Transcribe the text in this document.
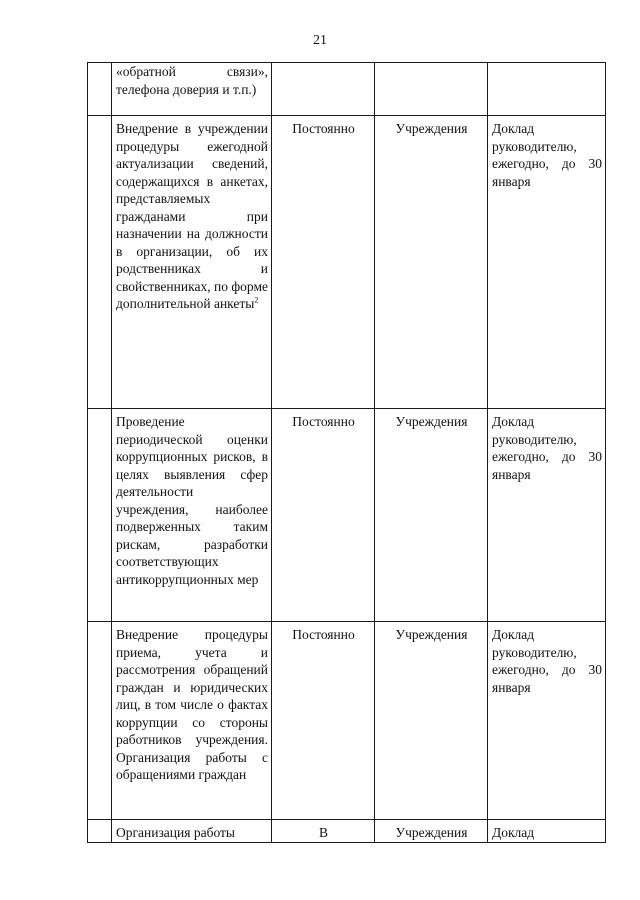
21
	«обратной связи», телефона доверия и т.п.)			
	Внедрение в учреждении процедуры ежегодной актуализации сведений, содержащихся в анкетах, представляемых гражданами при назначении на должности в организации, об их родственниках и свойственниках, по форме дополнительной анкеты$^2$	Постоянно	Учреждения	Доклад руководителю, ежегодно, до 30 января
	Проведение периодической оценки коррупционных рисков, в целях выявления сфер деятельности учреждения, наиболее подверженных таким рискам, разработки соответствующих антикоррупционных мер	Постоянно	Учреждения	Доклад руководителю, ежегодно, до 30 января
	Внедрение процедуры приема, учета и рассмотрения обращений граждан и юридических лиц, в том числе о фактах коррупции со стороны работников учреждения. Организация работы с обращениями граждан	Постоянно	Учреждения	Доклад руководителю, ежегодно, до 30 января
	Организация работы	В	Учреждения	Доклад
